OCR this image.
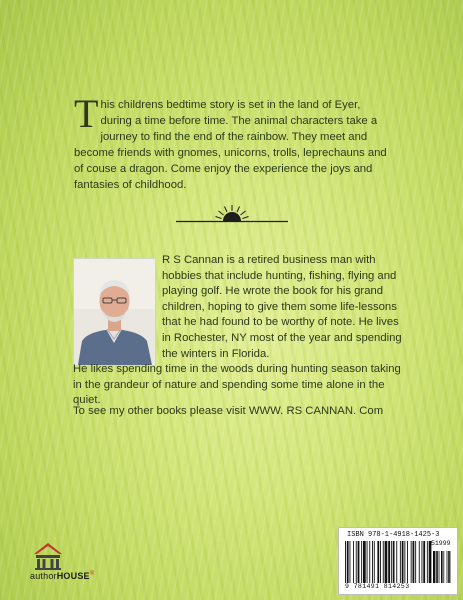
This childrens bedtime story is set in the land of Eyer, during a time before time. The animal characters take a journey to find the end of the rainbow. They meet and become friends with gnomes, unicorns, trolls, leprechauns and of couse a dragon. Come enjoy the experience the joys and fantasies of childhood.

R S Cannan is a retired business man with hobbies that include hunting, fishing, flying and playing golf. He wrote the book for his grand children, hoping to give them some life-lessons that he had found to be worthy of note. He lives in Rochester, NY most of the year and spending the winters in Florida.

He likes spending time in the woods during hunting season taking in the grandeur of nature and spending some time alone in the quiet.

To see my other books please visit WWW. RS CANNAN. Com

authorHOUSE®
ISBN 978-1-4918-1425-3
51999
9 781491 814253
